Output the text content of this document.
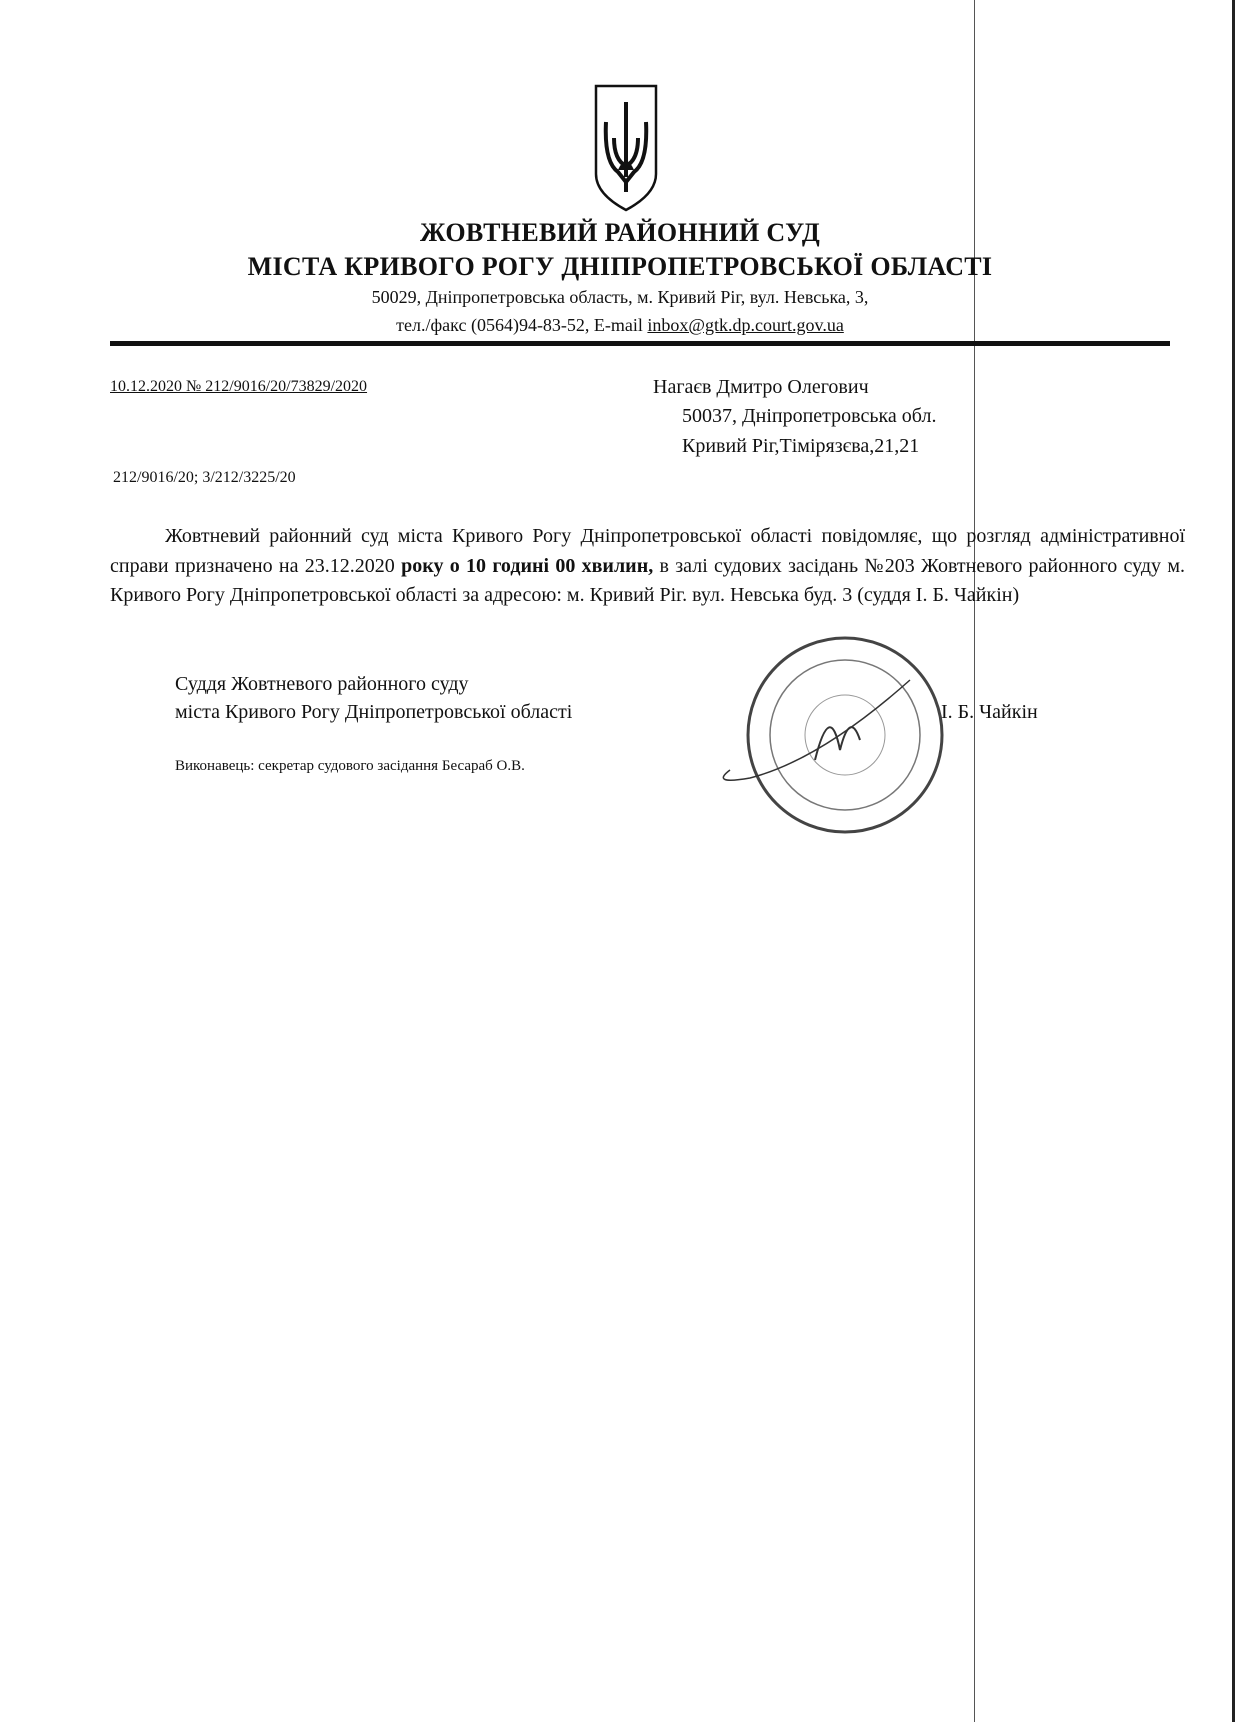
ЖОВТНЕВИЙ РАЙОННИЙ СУД
МІСТА КРИВОГО РОГУ ДНІПРОПЕТРОВСЬКОЇ ОБЛАСТІ
50029, Дніпропетровська область, м. Кривий Ріг, вул. Невська, 3,
тел./факс (0564)94-83-52, E-mail inbox@gtk.dp.court.gov.ua
10.12.2020 № 212/9016/20/73829/2020	Нагаєв Дмитро Олегович
50037, Дніпропетровська обл.
Кривий Ріг,Тімірязєва,21,21
212/9016/20; 3/212/3225/20

Жовтневий районний суд міста Кривого Рогу Дніпропетровської області повідомляє, що розгляд адміністративної справи призначено на 23.12.2020 року о 10 годині 00 хвилин, в залі судових засідань №203 Жовтневого районного суду м. Кривого Рогу Дніпропетровської області за адресою: м. Кривий Ріг. вул. Невська буд. 3 (суддя І. Б. Чайкін)

Суддя Жовтневого районного суду
міста Кривого Рогу Дніпропетровської області	І. Б. Чайкін
Виконавець: секретар судового засідання Бесараб О.В.
